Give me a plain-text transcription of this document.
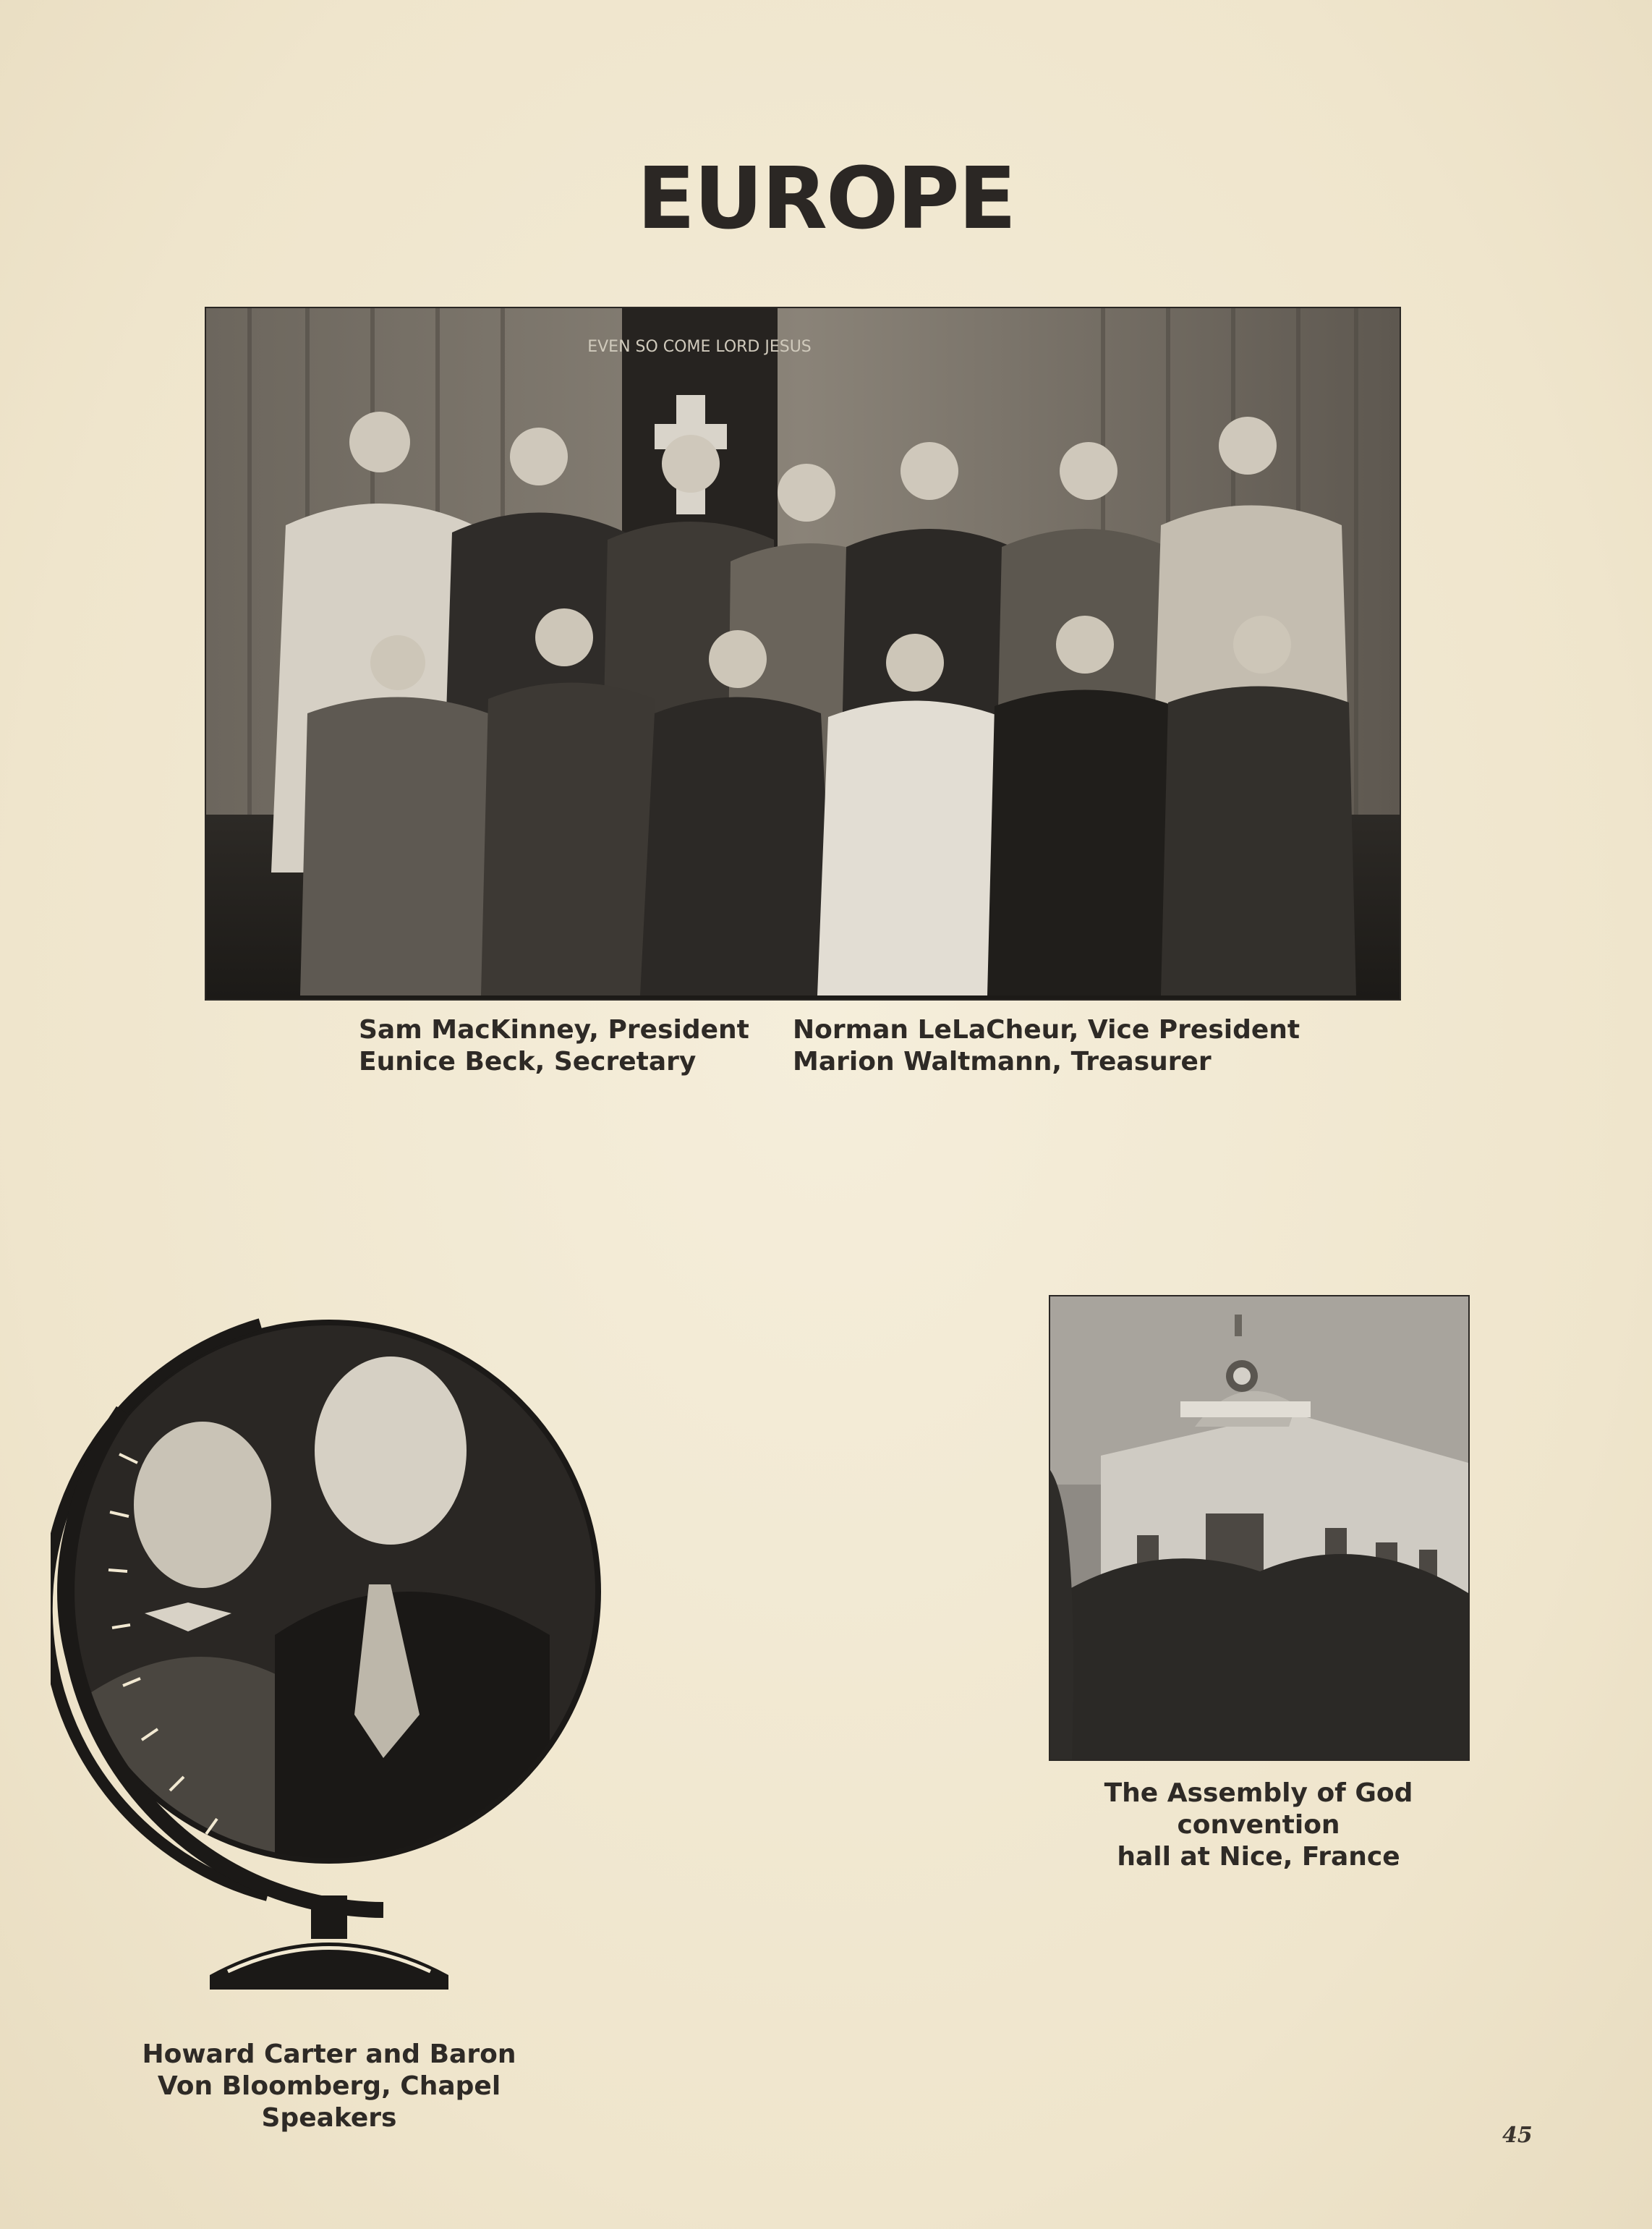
EUROPE
EVEN SO COME LORD JESUS
Sam MacKinney, President
Eunice Beck, Secretary
Norman LeLaCheur, Vice President
Marion Waltmann, Treasurer
Howard Carter and Baron
Von Bloomberg, Chapel Speakers
The Assembly of God convention
hall at Nice, France
45
